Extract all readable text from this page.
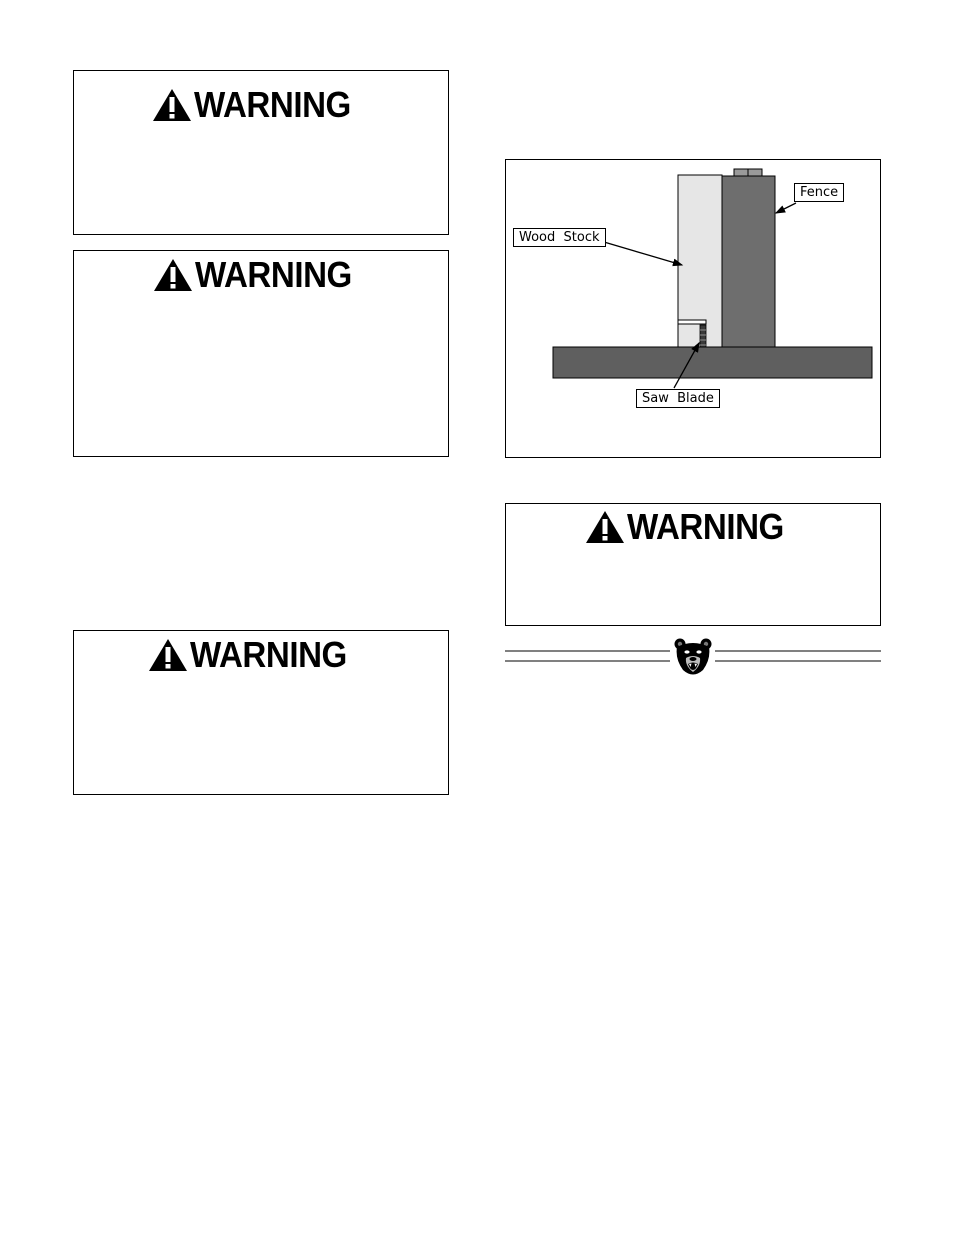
WARNING
WARNING
WARNING
Fence
Wood  Stock
Saw  Blade
WARNING
